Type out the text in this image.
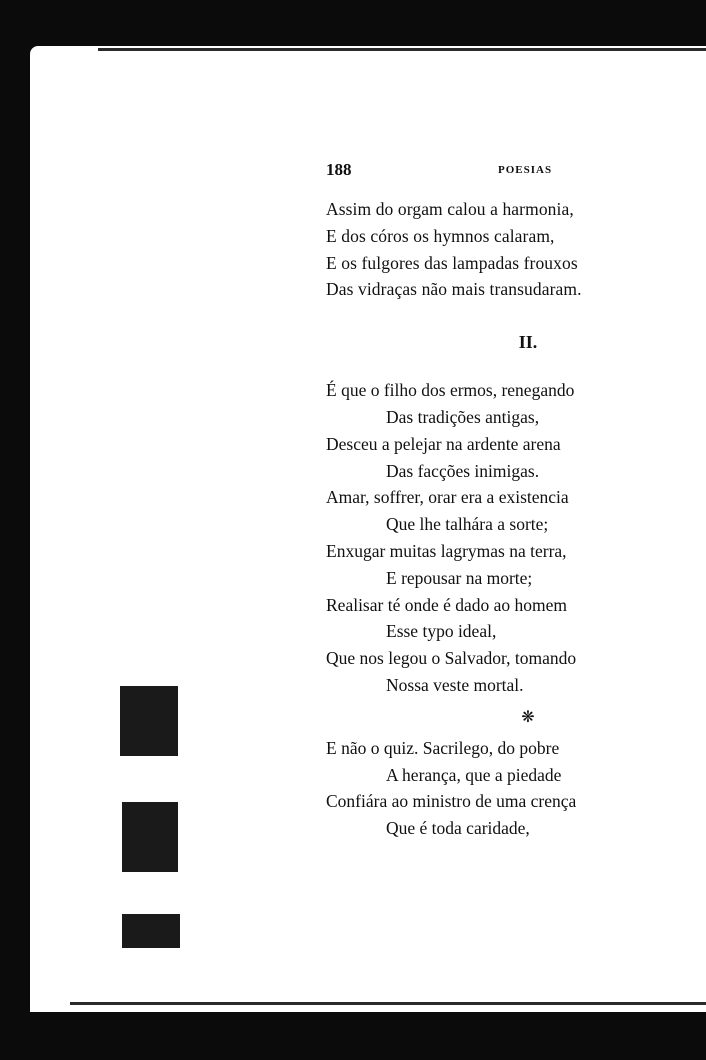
188	POESIAS
Assim do orgam calou a harmonia,
E dos córos os hymnos calaram,
E os fulgores das lampadas frouxos
Das vidraças não mais transudaram.
II.
É que o filho dos ermos, renegando
Das tradições antigas,
Desceu a pelejar na ardente arena
Das facções inimigas.
Amar, soffrer, orar era a existencia
Que lhe talhára a sorte;
Enxugar muitas lagrymas na terra,
E repousar na morte;
Realisar té onde é dado ao homem
Esse typo ideal,
Que nos legou o Salvador, tomando
Nossa veste mortal.
❋
E não o quiz. Sacrilego, do pobre
A herança, que a piedade
Confiára ao ministro de uma crença
Que é toda caridade,
